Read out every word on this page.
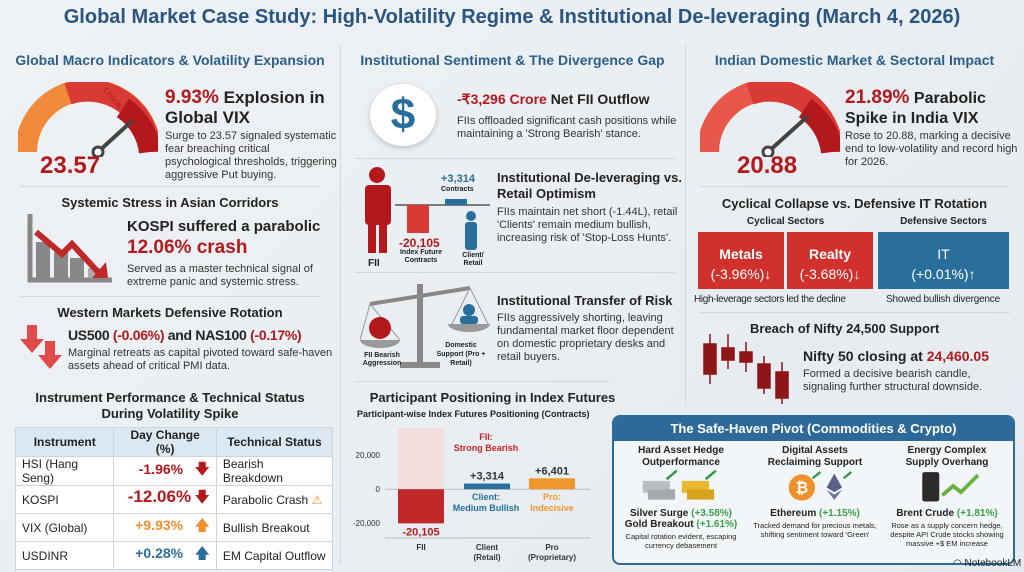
Global Market Case Study: High-Volatility Regime & Institutional De-leveraging (March 4, 2026)
Global Macro Indicators & Volatility Expansion
Critical Threshold
23.57
9.93% Explosion in
Global VIX
Surge to 23.57 signaled systematic fear breaching critical psychological thresholds, triggering aggressive Put buying.
Systemic Stress in Asian Corridors
KOSPI suffered a parabolic
12.06% crash
Served as a master technical signal of extreme panic and systemic stress.
Western Markets Defensive Rotation
US500 (-0.06%) and NAS100 (-0.17%)
Marginal retreats as capital pivoted toward safe-haven assets ahead of critical PMI data.
Instrument Performance & Technical Status
During Volatility Spike
Instrument	Day Change (%)	Technical Status
HSI (Hang Seng)	-1.96% 🡇	Bearish Breakdown
KOSPI	-12.06% 🡇	Parabolic Crash ⚠
VIX (Global)	+9.93% 🡅	Bullish Breakout
USDINR	+0.28% 🡅	EM Capital Outflow
Institutional Sentiment & The Divergence Gap
$	-₹3,296 Crore Net FII Outflow
FIIs offloaded significant cash positions while maintaining a 'Strong Bearish' stance.
+3,314
Contracts
-20,105
Index Future Contracts
FII
Client/ Retail
Institutional De-leveraging vs. Retail Optimism
FIIs maintain net short (-1.44L), retail 'Clients' remain medium bullish, increasing risk of 'Stop-Loss Hunts'.
FII Bearish Aggression
Domestic Support (Pro + Retail)
Institutional Transfer of Risk
FIIs aggressively shorting, leaving fundamental market floor dependent on domestic proprietary desks and retail buyers.
Participant Positioning in Index Futures
Participant-wise Index Futures Positioning (Contracts)
20,000
0
-20,000
-20,105
FII
+3,314
Client
(Retail)
+6,401
Pro
(Proprietary)
FII:
Strong Bearish
Client:
Medium Bullish
Pro:
Indecisive
Indian Domestic Market & Sectoral Impact
20.88
21.89% Parabolic
Spike in India VIX
Rose to 20.88, marking a decisive end to low-volatility and record high for 2026.
Cyclical Collapse vs. Defensive IT Rotation
Cyclical Sectors	Defensive Sectors
Metals
(-3.96%)↓
Realty
(-3.68%)↓
IT
(+0.01%)↑
High-leverage sectors led the decline	Showed bullish divergence
Breach of Nifty 24,500 Support
Nifty 50 closing at 24,460.05
Formed a decisive bearish candle, signaling further structural downside.
The Safe-Haven Pivot (Commodities & Crypto)
Hard Asset Hedge Outperformance
Silver Surge (+3.58%)
Gold Breakout (+1.61%)
Capital rotation evident, escaping currency debasement
Digital Assets Reclaiming Support
₿
Ethereum (+1.15%)
Tracked demand for precious metals, shifting sentiment toward 'Green'
Energy Complex Supply Overhang
Brent Crude (+1.81%)
Rose as a supply concern hedge, despite API Crude stocks showing massive +$ EM increase
◠ NotebookLM
